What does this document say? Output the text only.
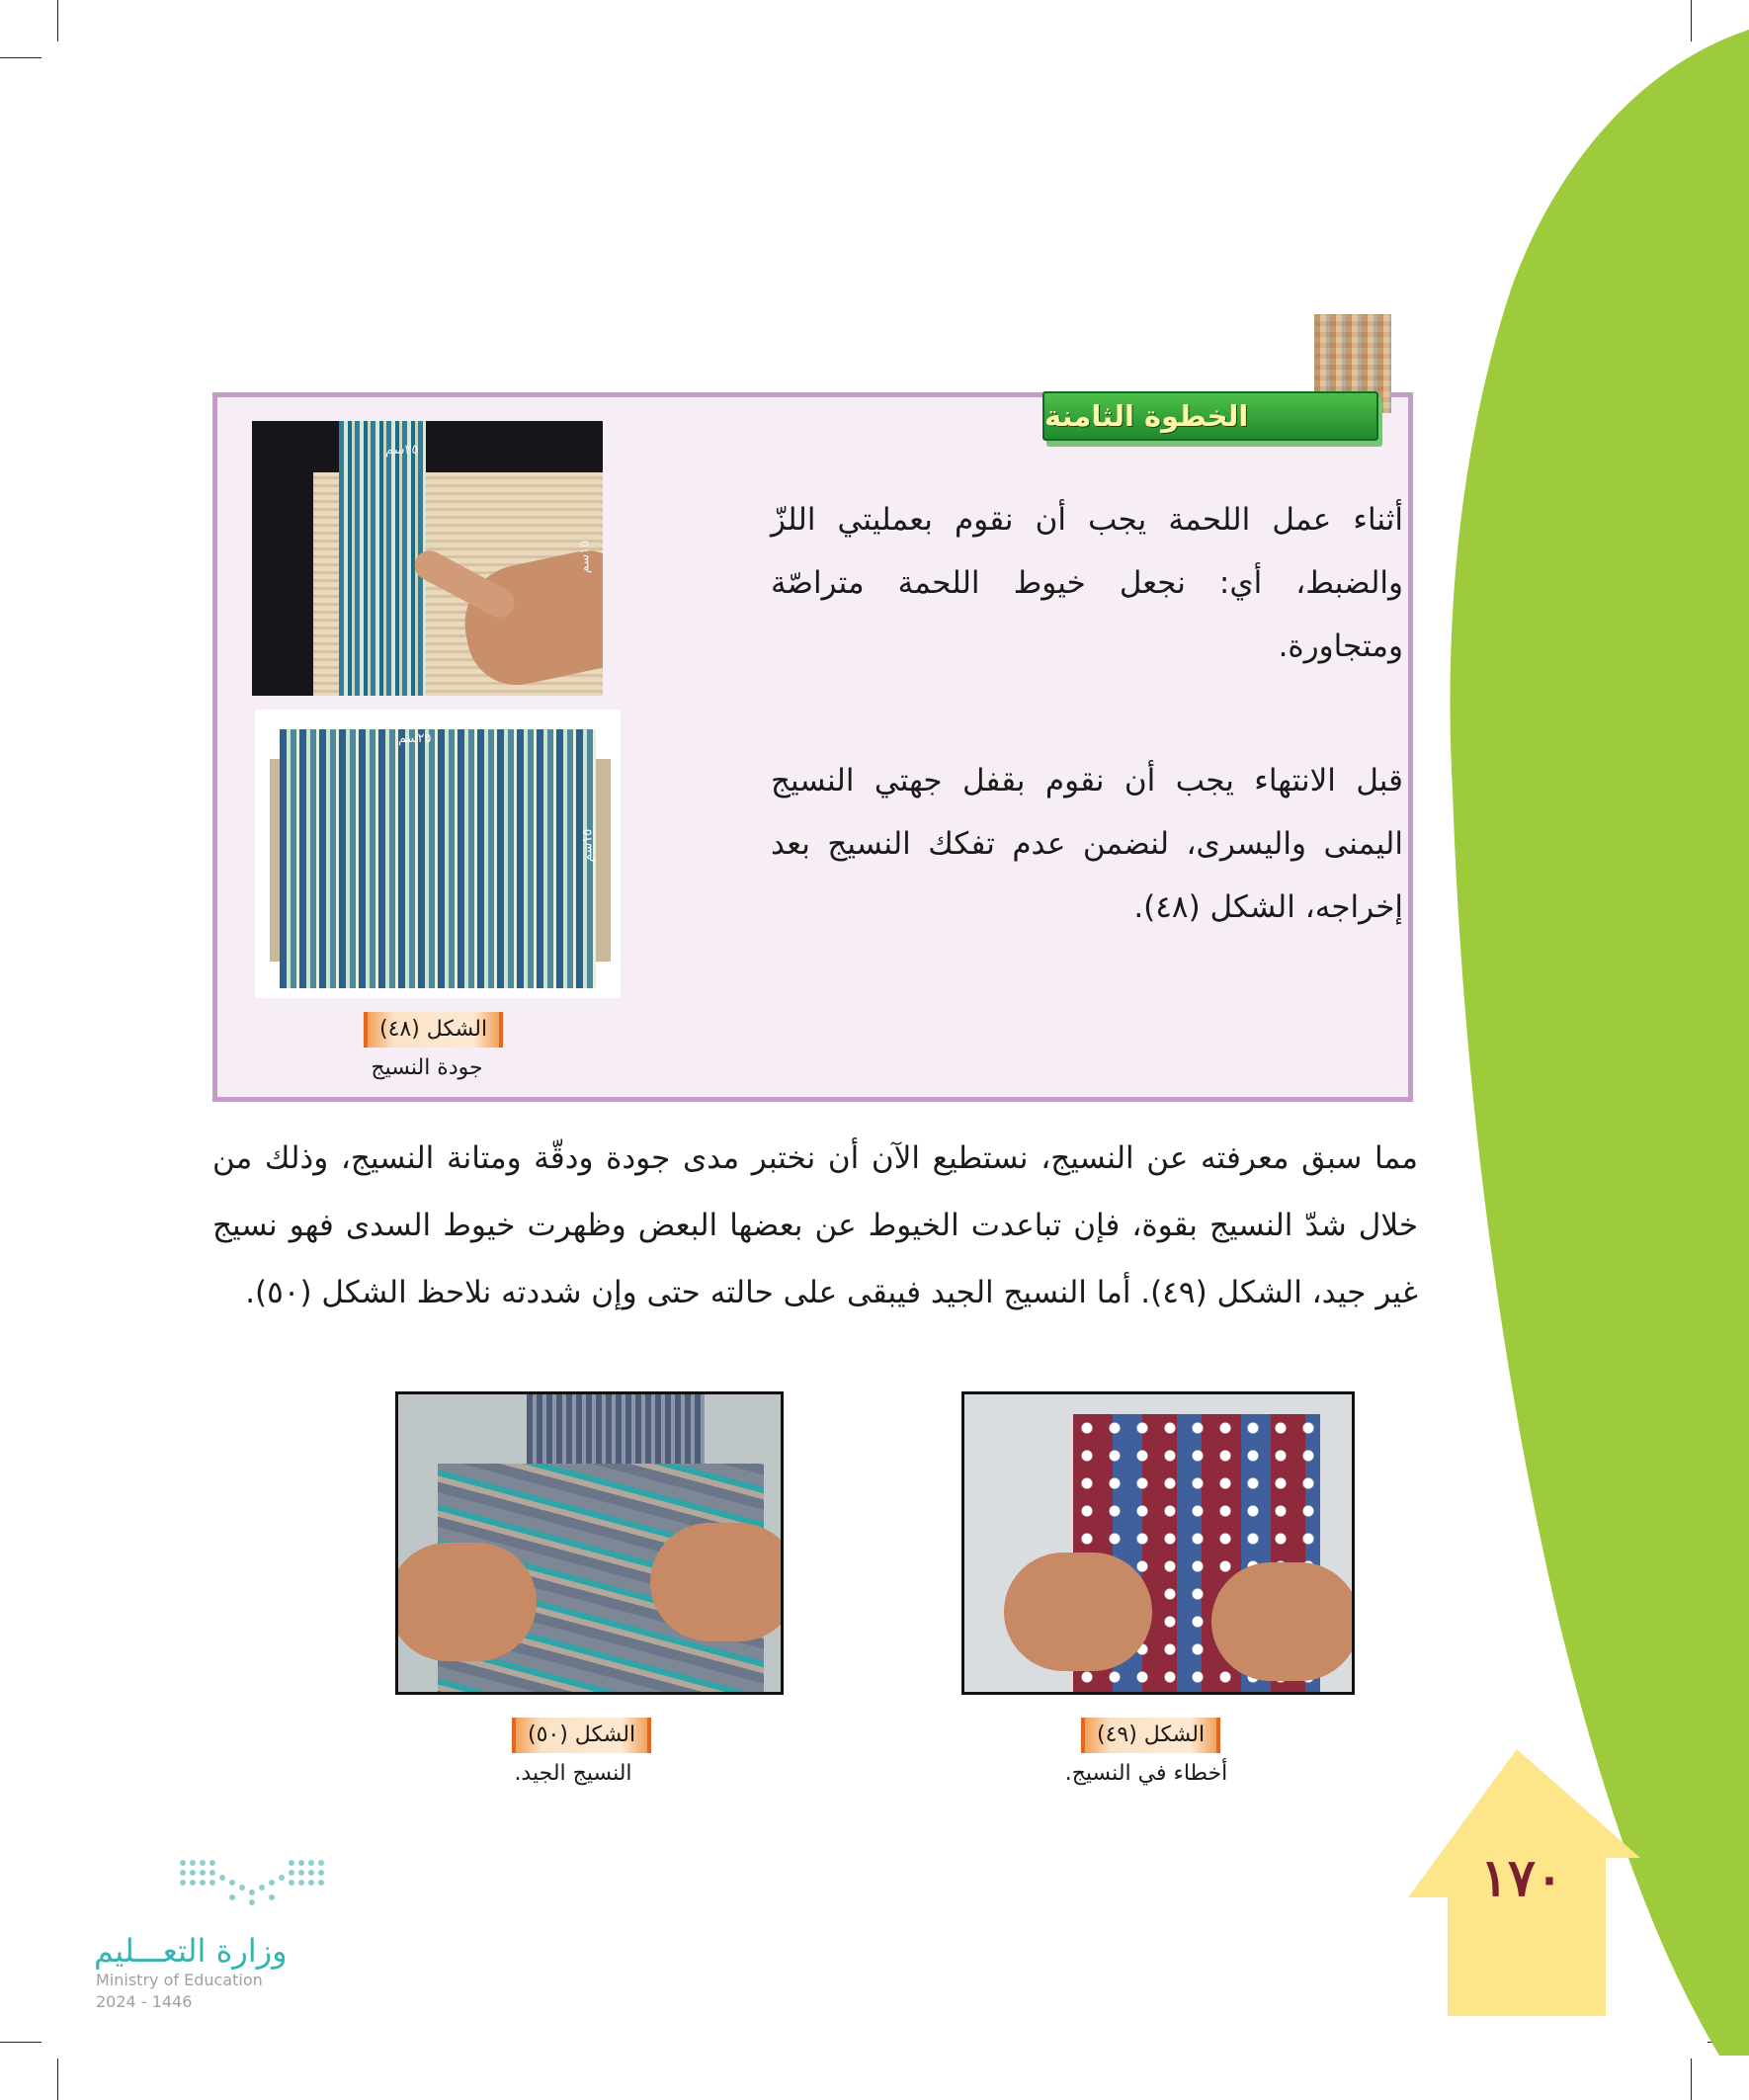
الخطوة الثامنة

أثناء عمل اللحمة يجب أن نقوم بعمليتي اللزّ والضبط، أي: نجعل خيوط اللحمة متراصّة ومتجاورة.

قبل الانتهاء يجب أن نقوم بقفل جهتي النسيج اليمنى واليسرى، لنضمن عدم تفكك النسيج بعد إخراجه، الشكل (٤٨).

٢٥سم
١٥سم
٢٥سم
١٥سم
الشكل (٤٨)
جودة النسيج

مما سبق معرفته عن النسيج، نستطيع الآن أن نختبر مدى جودة ودقّة ومتانة النسيج، وذلك من خلال شدّ النسيج بقوة، فإن تباعدت الخيوط عن بعضها البعض وظهرت خيوط السدى فهو نسيج غير جيد، الشكل (٤٩). أما النسيج الجيد فيبقى على حالته حتى وإن شددته نلاحظ الشكل (٥٠).

الشكل (٥٠)
النسيج الجيد.
الشكل (٤٩)
أخطاء في النسيج.
١٧٠
وزارة التعـــليم
Ministry of Education
2024 - 1446
